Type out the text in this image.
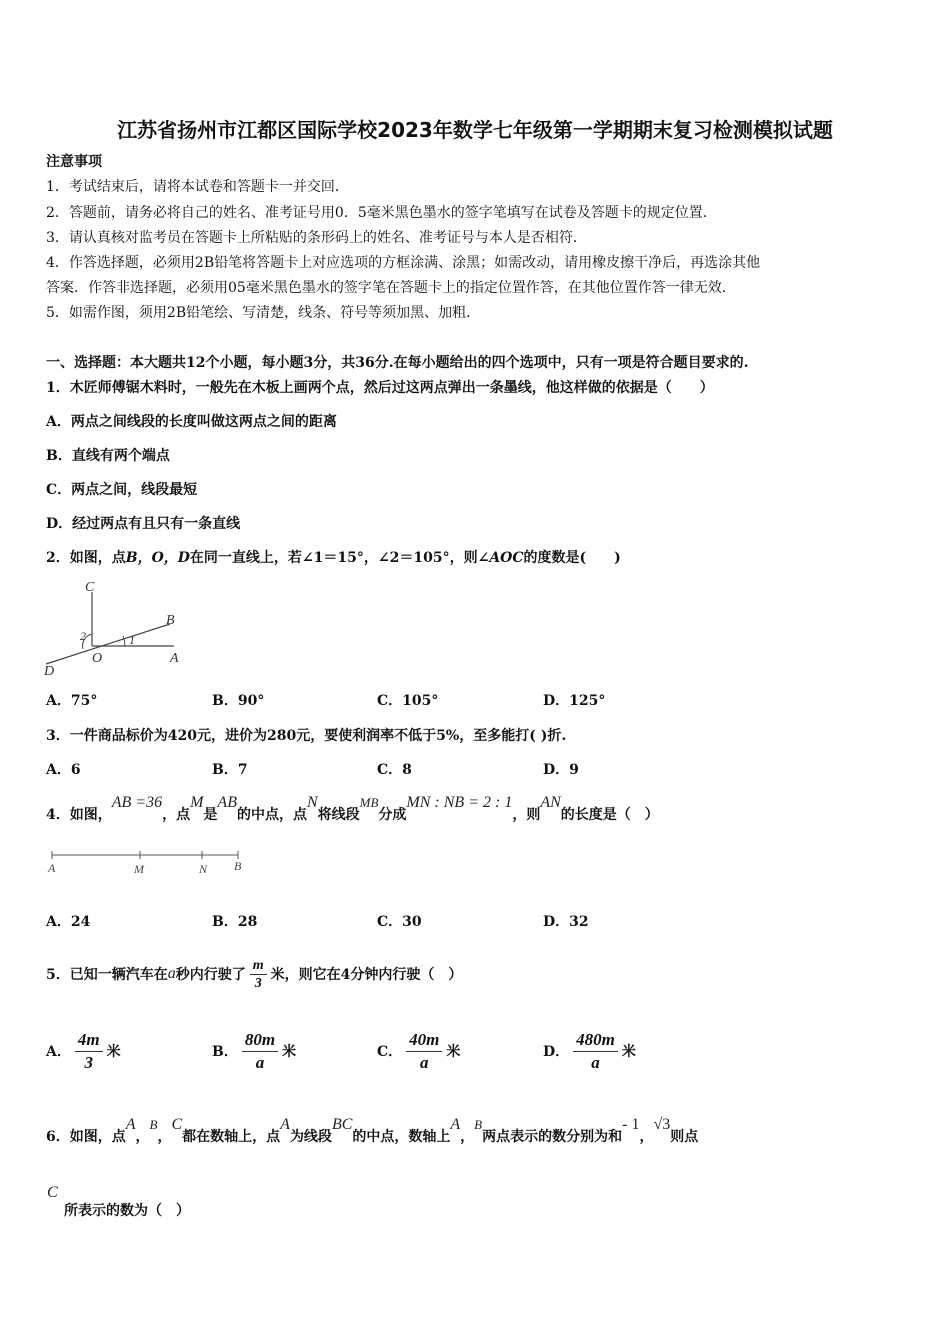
江苏省扬州市江都区国际学校2023年数学七年级第一学期期末复习检测模拟试题
注意事项
1．考试结束后，请将本试卷和答题卡一并交回．
2．答题前，请务必将自己的姓名、准考证号用0．5毫米黑色墨水的签字笔填写在试卷及答题卡的规定位置．
3．请认真核对监考员在答题卡上所粘贴的条形码上的姓名、准考证号与本人是否相符．
4．作答选择题，必须用2B铅笔将答题卡上对应选项的方框涂满、涂黑；如需改动，请用橡皮擦干净后，再选涂其他
答案．作答非选择题，必须用05毫米黑色墨水的签字笔在答题卡上的指定位置作答，在其他位置作答一律无效．
5．如需作图，须用2B铅笔绘、写清楚，线条、符号等须加黑、加粗．
一、选择题：本大题共12个小题，每小题3分，共36分.在每小题给出的四个选项中，只有一项是符合题目要求的.
1．木匠师傅锯木料时，一般先在木板上画两个点，然后过这两点弹出一条墨线，他这样做的依据是（　　）
A．两点之间线段的长度叫做这两点之间的距离
B．直线有两个端点
C．两点之间，线段最短
D．经过两点有且只有一条直线
2．如图，点B，O，D在同一直线上，若∠1＝15°，∠2＝105°，则∠AOC的度数是(　　)
C
B
O	A
D
1
2
A．75°	B．90°	C．105°	D．125°
3．一件商品标价为420元，进价为280元，要使利润率不低于5%，至多能打( )折.
A．6	B．7	C．8	D．9
4．如图，AB =36，点M是AB的中点，点N将线段MB分成MN : NB = 2 : 1，则AN的长度是（　）
A	M	N B
A．24	B．28	C．30	D．32
5．已知一辆汽车在 a 秒内行驶了 $\frac{m}{3}$ 米，则它在4分钟内行驶（　）
A． $\frac{4m}{3}$ 米	B． $\frac{80m}{a}$ 米	C． $\frac{40m}{a}$ 米	D． $\frac{480m}{a}$ 米
6．如图，点A，B，C都在数轴上，点A为线段BC的中点，数轴上A，B两点表示的数分别为和- 1，√3则点
C
所表示的数为（　）
